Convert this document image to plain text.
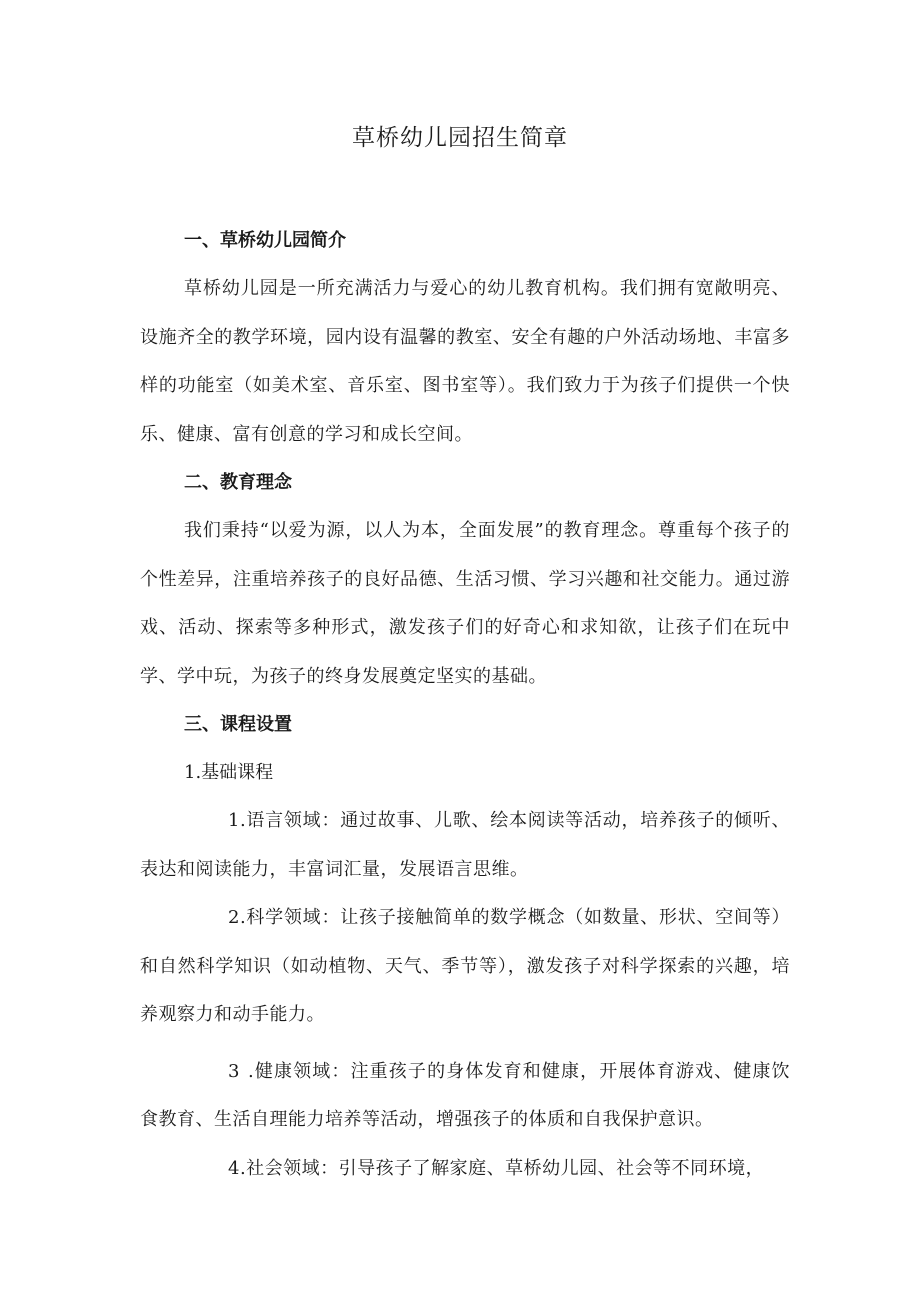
草桥幼儿园招生简章
一、草桥幼儿园简介

草桥幼儿园是一所充满活力与爱心的幼儿教育机构。我们拥有宽敞明亮、设施齐全的教学环境，园内设有温馨的教室、安全有趣的户外活动场地、丰富多样的功能室（如美术室、音乐室、图书室等）。我们致力于为孩子们提供一个快乐、健康、富有创意的学习和成长空间。

二、教育理念

我们秉持“以爱为源，以人为本，全面发展”的教育理念。尊重每个孩子的个性差异，注重培养孩子的良好品德、生活习惯、学习兴趣和社交能力。通过游戏、活动、探索等多种形式，激发孩子们的好奇心和求知欲，让孩子们在玩中学、学中玩，为孩子的终身发展奠定坚实的基础。

三、课程设置

1.基础课程

1.语言领域：通过故事、儿歌、绘本阅读等活动，培养孩子的倾听、表达和阅读能力，丰富词汇量，发展语言思维。

2.科学领域：让孩子接触简单的数学概念（如数量、形状、空间等）和自然科学知识（如动植物、天气、季节等），激发孩子对科学探索的兴趣，培养观察力和动手能力。

3 .健康领域：注重孩子的身体发育和健康，开展体育游戏、健康饮食教育、生活自理能力培养等活动，增强孩子的体质和自我保护意识。

4.社会领域：引导孩子了解家庭、草桥幼儿园、社会等不同环境，
